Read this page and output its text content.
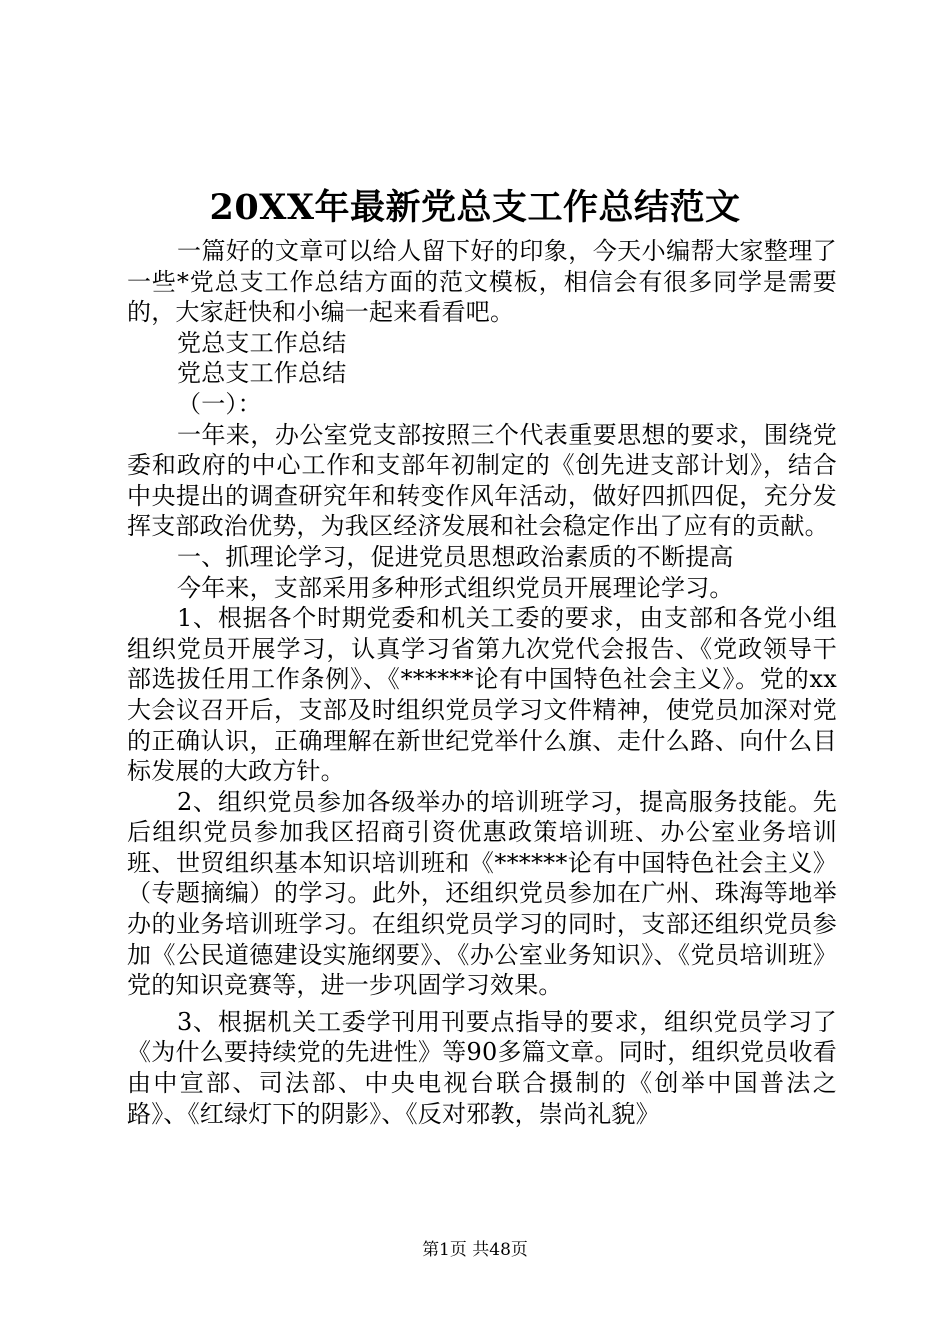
20XX年最新党总支工作总结范文

一篇好的文章可以给人留下好的印象，今天小编帮大家整理了一些*党总支工作总结方面的范文模板，相信会有很多同学是需要的，大家赶快和小编一起来看看吧。

党总支工作总结

党总支工作总结

（一）：

一年来，办公室党支部按照三个代表重要思想的要求，围绕党委和政府的中心工作和支部年初制定的《创先进支部计划》，结合中央提出的调查研究年和转变作风年活动，做好四抓四促，充分发挥支部政治优势，为我区经济发展和社会稳定作出了应有的贡献。

一、抓理论学习，促进党员思想政治素质的不断提高

今年来，支部采用多种形式组织党员开展理论学习。

1、根据各个时期党委和机关工委的要求，由支部和各党小组组织党员开展学习，认真学习省第九次党代会报告、《党政领导干部选拔任用工作条例》、《******论有中国特色社会主义》。党的xx大会议召开后，支部及时组织党员学习文件精神，使党员加深对党的正确认识，正确理解在新世纪党举什么旗、走什么路、向什么目标发展的大政方针。

2、组织党员参加各级举办的培训班学习，提高服务技能。先后组织党员参加我区招商引资优惠政策培训班、办公室业务培训班、世贸组织基本知识培训班和《******论有中国特色社会主义》（专题摘编）的学习。此外，还组织党员参加在广州、珠海等地举办的业务培训班学习。在组织党员学习的同时，支部还组织党员参加《公民道德建设实施纲要》、《办公室业务知识》、《党员培训班》党的知识竞赛等，进一步巩固学习效果。

3、根据机关工委学刊用刊要点指导的要求，组织党员学习了《为什么要持续党的先进性》等90多篇文章。同时，组织党员收看由中宣部、司法部、中央电视台联合摄制的《创举中国普法之路》、《红绿灯下的阴影》、《反对邪教，崇尚礼貌》

第1页 共48页
